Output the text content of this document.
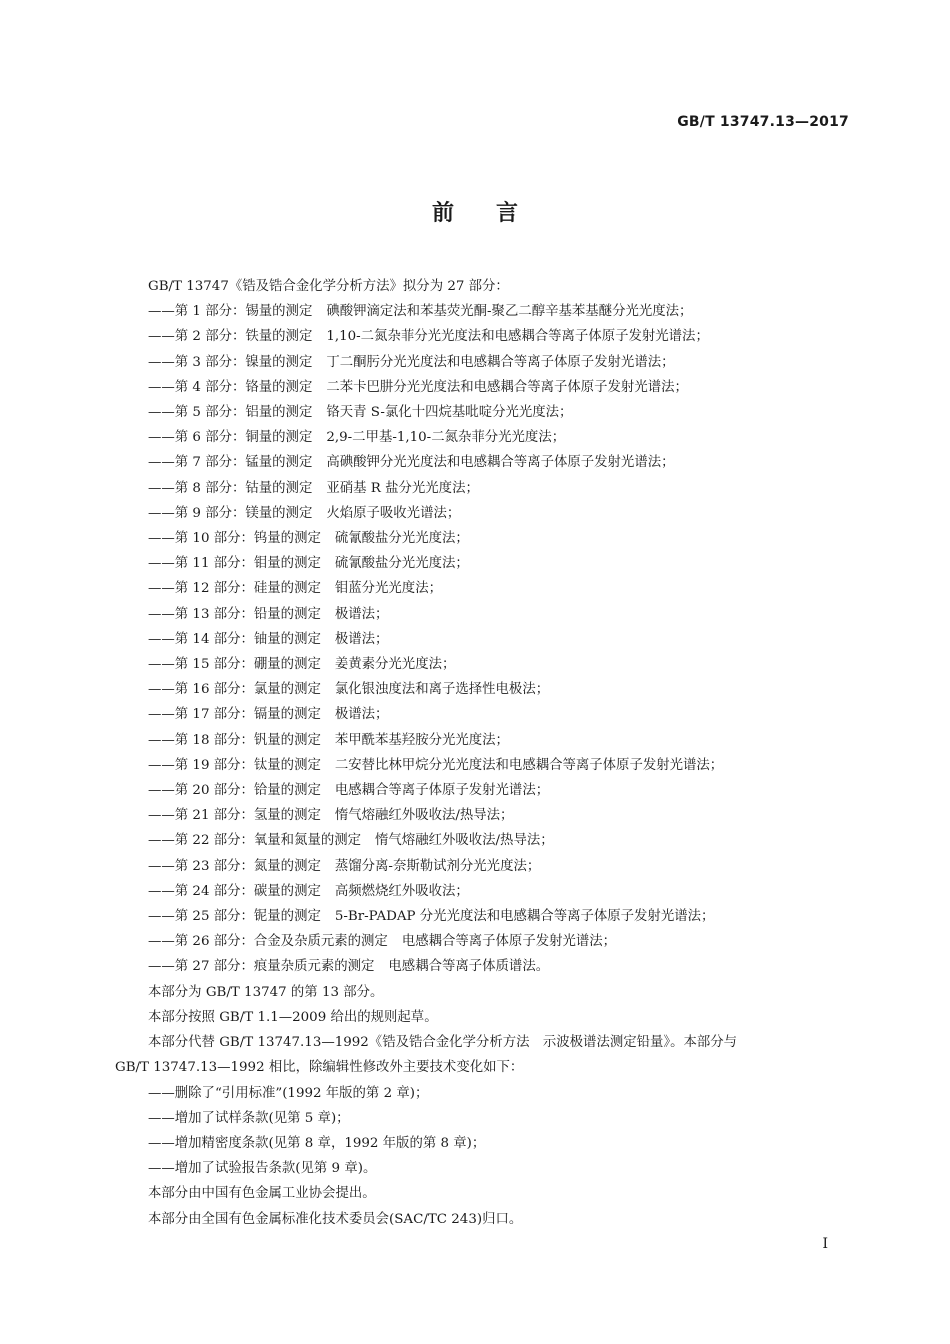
GB/T 13747.13—2017
前言
GB/T 13747《锆及锆合金化学分析方法》拟分为 27 部分：
——第 1 部分：锡量的测定 碘酸钾滴定法和苯基荧光酮-聚乙二醇辛基苯基醚分光光度法；
——第 2 部分：铁量的测定 1,10-二氮杂菲分光光度法和电感耦合等离子体原子发射光谱法；
——第 3 部分：镍量的测定 丁二酮肟分光光度法和电感耦合等离子体原子发射光谱法；
——第 4 部分：铬量的测定 二苯卡巴肼分光光度法和电感耦合等离子体原子发射光谱法；
——第 5 部分：铝量的测定 铬天青 S-氯化十四烷基吡啶分光光度法；
——第 6 部分：铜量的测定 2,9-二甲基-1,10-二氮杂菲分光光度法；
——第 7 部分：锰量的测定 高碘酸钾分光光度法和电感耦合等离子体原子发射光谱法；
——第 8 部分：钴量的测定 亚硝基 R 盐分光光度法；
——第 9 部分：镁量的测定 火焰原子吸收光谱法；
——第 10 部分：钨量的测定 硫氰酸盐分光光度法；
——第 11 部分：钼量的测定 硫氰酸盐分光光度法；
——第 12 部分：硅量的测定 钼蓝分光光度法；
——第 13 部分：铅量的测定 极谱法；
——第 14 部分：铀量的测定 极谱法；
——第 15 部分：硼量的测定 姜黄素分光光度法；
——第 16 部分：氯量的测定 氯化银浊度法和离子选择性电极法；
——第 17 部分：镉量的测定 极谱法；
——第 18 部分：钒量的测定 苯甲酰苯基羟胺分光光度法；
——第 19 部分：钛量的测定 二安替比林甲烷分光光度法和电感耦合等离子体原子发射光谱法；
——第 20 部分：铪量的测定 电感耦合等离子体原子发射光谱法；
——第 21 部分：氢量的测定 惰气熔融红外吸收法/热导法；
——第 22 部分：氧量和氮量的测定 惰气熔融红外吸收法/热导法；
——第 23 部分：氮量的测定 蒸馏分离-奈斯勒试剂分光光度法；
——第 24 部分：碳量的测定 高频燃烧红外吸收法；
——第 25 部分：铌量的测定 5-Br-PADAP 分光光度法和电感耦合等离子体原子发射光谱法；
——第 26 部分：合金及杂质元素的测定 电感耦合等离子体原子发射光谱法；
——第 27 部分：痕量杂质元素的测定 电感耦合等离子体质谱法。
本部分为 GB/T 13747 的第 13 部分。
本部分按照 GB/T 1.1—2009 给出的规则起草。
本部分代替 GB/T 13747.13—1992《锆及锆合金化学分析方法　示波极谱法测定铅量》。本部分与
GB/T 13747.13—1992 相比，除编辑性修改外主要技术变化如下：
——删除了“引用标准”(1992 年版的第 2 章)；
——增加了试样条款(见第 5 章)；
——增加精密度条款(见第 8 章，1992 年版的第 8 章)；
——增加了试验报告条款(见第 9 章)。
本部分由中国有色金属工业协会提出。
本部分由全国有色金属标准化技术委员会(SAC/TC 243)归口。
Ⅰ
